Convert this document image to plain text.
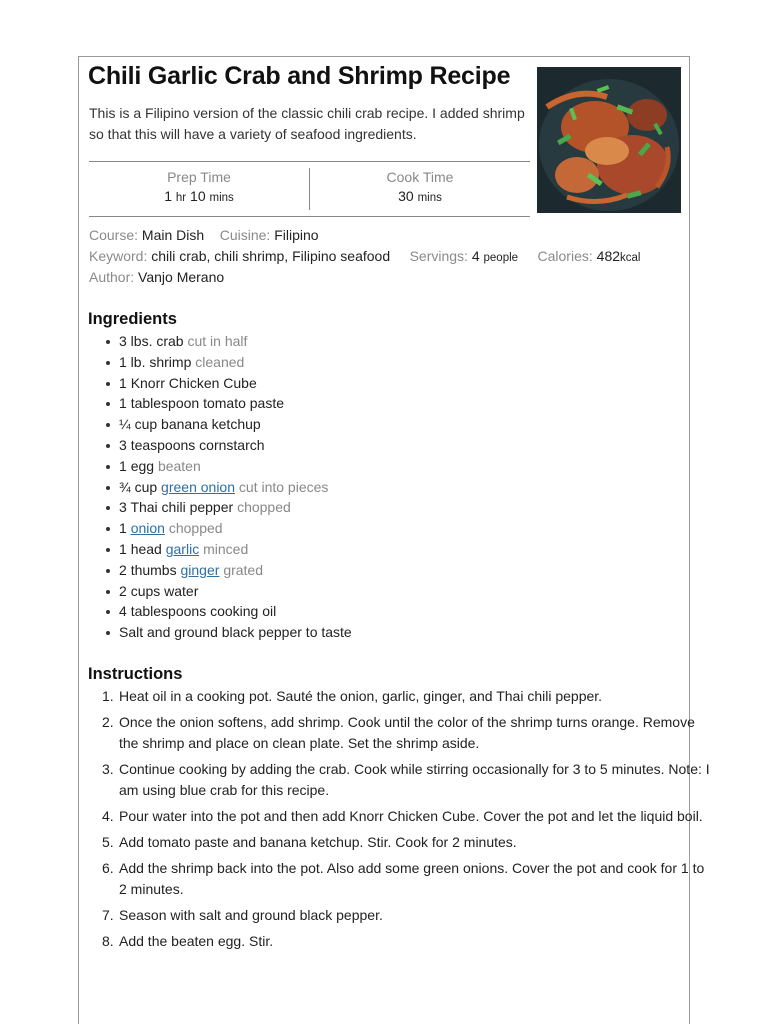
Chili Garlic Crab and Shrimp Recipe
This is a Filipino version of the classic chili crab recipe. I added shrimp so that this will have a variety of seafood ingredients.
Prep Time
1 hr 10 mins
Cook Time
30 mins
Course: Main Dish Cuisine: Filipino
Keyword: chili crab, chili shrimp, Filipino seafood Servings: 4 people Calories: 482kcal
Author: Vanjo Merano
Ingredients
3 lbs. crab cut in half
1 lb. shrimp cleaned
1 Knorr Chicken Cube
1 tablespoon tomato paste
¼ cup banana ketchup
3 teaspoons cornstarch
1 egg beaten
¾ cup green onion cut into pieces
3 Thai chili pepper chopped
1 onion chopped
1 head garlic minced
2 thumbs ginger grated
2 cups water
4 tablespoons cooking oil
Salt and ground black pepper to taste
Instructions
1. Heat oil in a cooking pot. Sauté the onion, garlic, ginger, and Thai chili pepper.
2. Once the onion softens, add shrimp. Cook until the color of the shrimp turns orange. Remove the shrimp and place on clean plate. Set the shrimp aside.
3. Continue cooking by adding the crab. Cook while stirring occasionally for 3 to 5 minutes. Note: I am using blue crab for this recipe.
4. Pour water into the pot and then add Knorr Chicken Cube. Cover the pot and let the liquid boil.
5. Add tomato paste and banana ketchup. Stir. Cook for 2 minutes.
6. Add the shrimp back into the pot. Also add some green onions. Cover the pot and cook for 1 to 2 minutes.
7. Season with salt and ground black pepper.
8. Add the beaten egg. Stir.
